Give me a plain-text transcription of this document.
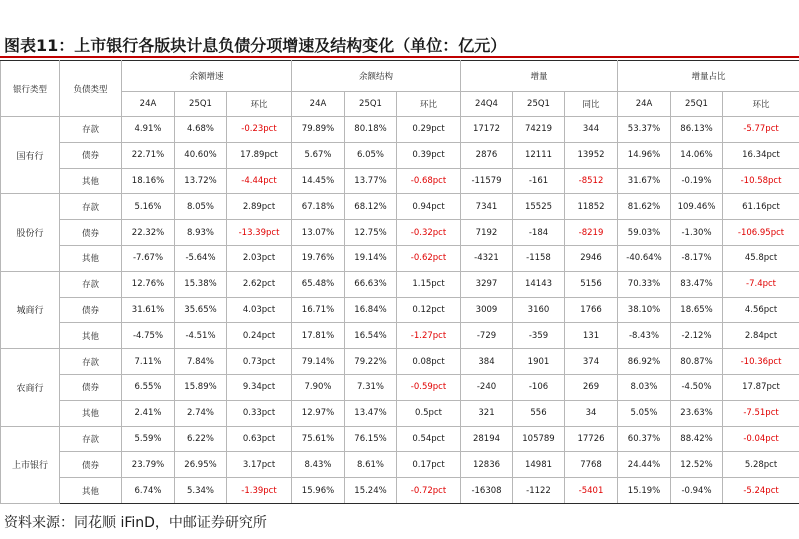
图表11：上市银行各版块计息负债分项增速及结构变化（单位：亿元）
银行类型	负债类型	余额增速			余额结构			增量			增量占比		
		24A	25Q1	环比	24A	25Q1	环比	24Q4	25Q1	同比	24A	25Q1	环比
国有行	存款	4.91%	4.68%	-0.23pct	79.89%	80.18%	0.29pct	17172	74219	344	53.37%	86.13%	-5.77pct
	债券	22.71%	40.60%	17.89pct	5.67%	6.05%	0.39pct	2876	12111	13952	14.96%	14.06%	16.34pct
	其他	18.16%	13.72%	-4.44pct	14.45%	13.77%	-0.68pct	-11579	-161	-8512	31.67%	-0.19%	-10.58pct
股份行	存款	5.16%	8.05%	2.89pct	67.18%	68.12%	0.94pct	7341	15525	11852	81.62%	109.46%	61.16pct
	债券	22.32%	8.93%	-13.39pct	13.07%	12.75%	-0.32pct	7192	-184	-8219	59.03%	-1.30%	-106.95pct
	其他	-7.67%	-5.64%	2.03pct	19.76%	19.14%	-0.62pct	-4321	-1158	2946	-40.64%	-8.17%	45.8pct
城商行	存款	12.76%	15.38%	2.62pct	65.48%	66.63%	1.15pct	3297	14143	5156	70.33%	83.47%	-7.4pct
	债券	31.61%	35.65%	4.03pct	16.71%	16.84%	0.12pct	3009	3160	1766	38.10%	18.65%	4.56pct
	其他	-4.75%	-4.51%	0.24pct	17.81%	16.54%	-1.27pct	-729	-359	131	-8.43%	-2.12%	2.84pct
农商行	存款	7.11%	7.84%	0.73pct	79.14%	79.22%	0.08pct	384	1901	374	86.92%	80.87%	-10.36pct
	债券	6.55%	15.89%	9.34pct	7.90%	7.31%	-0.59pct	-240	-106	269	8.03%	-4.50%	17.87pct
	其他	2.41%	2.74%	0.33pct	12.97%	13.47%	0.5pct	321	556	34	5.05%	23.63%	-7.51pct
上市银行	存款	5.59%	6.22%	0.63pct	75.61%	76.15%	0.54pct	28194	105789	17726	60.37%	88.42%	-0.04pct
	债券	23.79%	26.95%	3.17pct	8.43%	8.61%	0.17pct	12836	14981	7768	24.44%	12.52%	5.28pct
	其他	6.74%	5.34%	-1.39pct	15.96%	15.24%	-0.72pct	-16308	-1122	-5401	15.19%	-0.94%	-5.24pct
资料来源：同花顺 iFinD，中邮证券研究所
